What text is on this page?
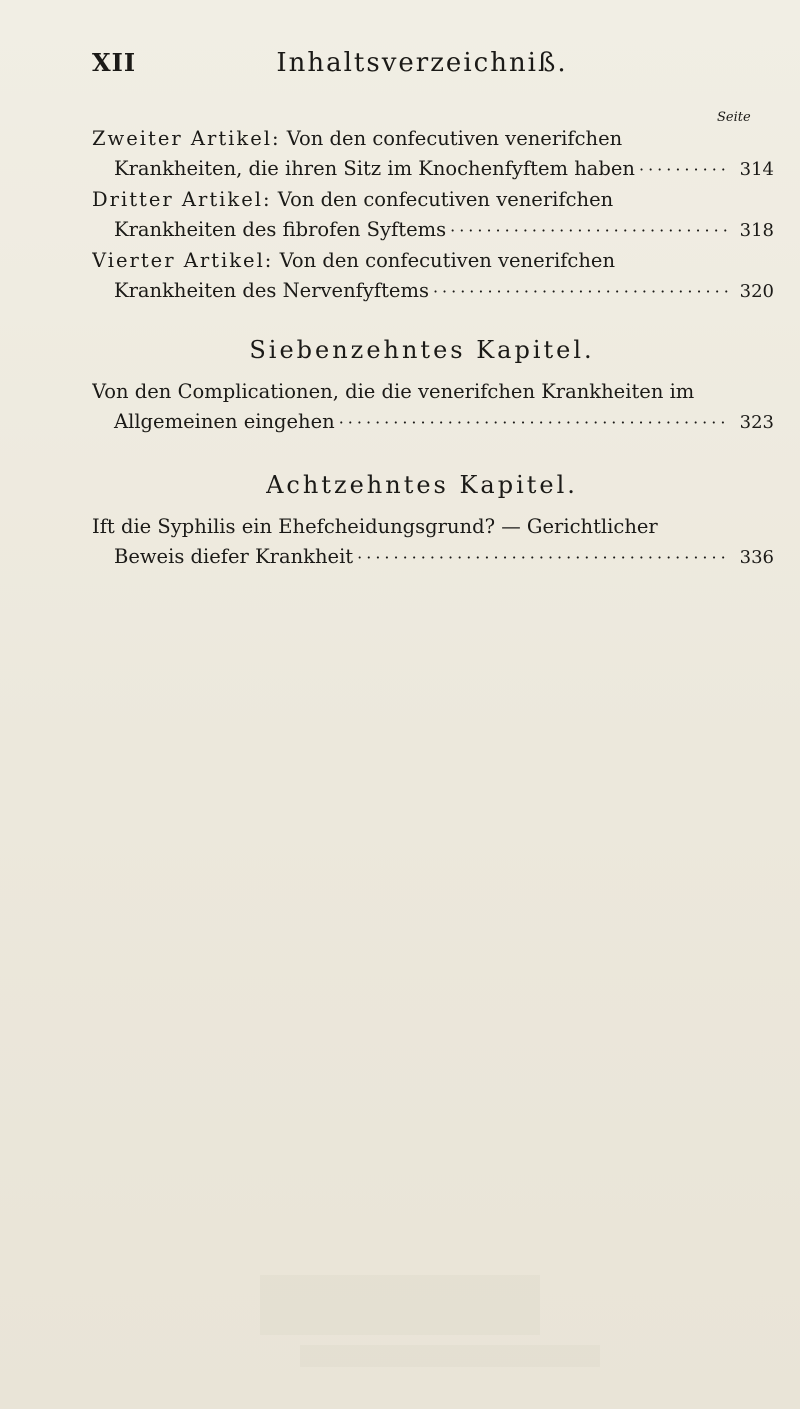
XII	Inhaltsverzeichniß.
Seite
Zweiter Artikel: Von den confecutiven venerifchen
Krankheiten, die ihren Sitz im Knochenfyftem haben ·····	314
Dritter Artikel: Von den confecutiven venerifchen
Krankheiten des fibrofen Syftems ·····	318
Vierter Artikel: Von den confecutiven venerifchen
Krankheiten des Nervenfyftems ·····	320
Siebenzehntes Kapitel.
Von den Complicationen, die die venerifchen Krankheiten im
Allgemeinen eingehen ·····	323
Achtzehntes Kapitel.
Ift die Syphilis ein Ehefcheidungsgrund? — Gerichtlicher
Beweis diefer Krankheit ·····	336
